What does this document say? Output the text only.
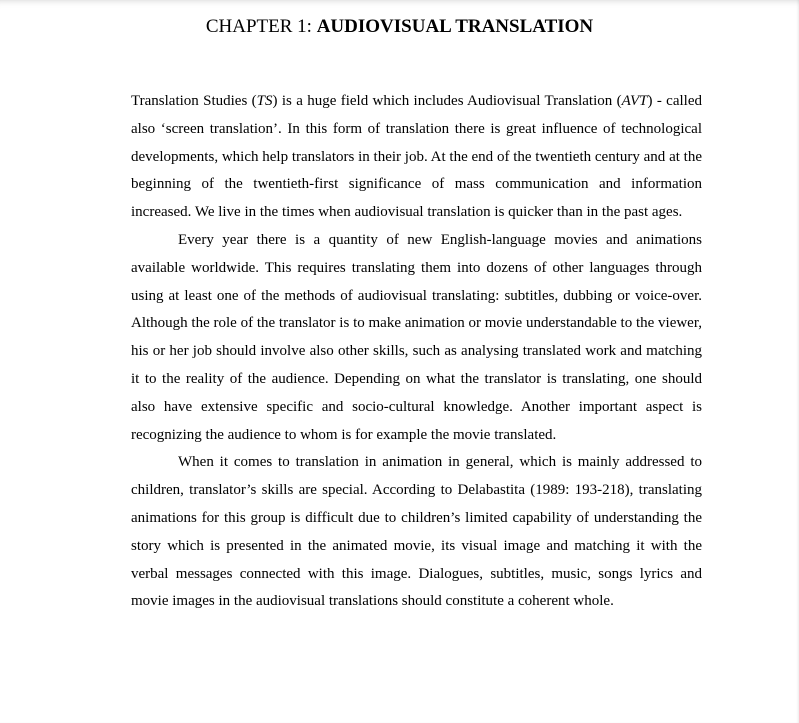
CHAPTER 1: AUDIOVISUAL TRANSLATION

Translation Studies (TS) is a huge field which includes Audiovisual Translation (AVT) - called also ‘screen translation’. In this form of translation there is great influence of technological developments, which help translators in their job. At the end of the twentieth century and at the beginning of the twentieth-first significance of mass communication and information increased. We live in the times when audiovisual translation is quicker than in the past ages.

Every year there is a quantity of new English-language movies and animations available worldwide. This requires translating them into dozens of other languages through using at least one of the methods of audiovisual translating: subtitles, dubbing or voice-over. Although the role of the translator is to make animation or movie understandable to the viewer, his or her job should involve also other skills, such as analysing translated work and matching it to the reality of the audience. Depending on what the translator is translating, one should also have extensive specific and socio-cultural knowledge. Another important aspect is recognizing the audience to whom is for example the movie translated.

When it comes to translation in animation in general, which is mainly addressed to children, translator’s skills are special. According to Delabastita (1989: 193-218), translating animations for this group is difficult due to children’s limited capability of understanding the story which is presented in the animated movie, its visual image and matching it with the verbal messages connected with this image. Dialogues, subtitles, music, songs lyrics and movie images in the audiovisual translations should constitute a coherent whole.
